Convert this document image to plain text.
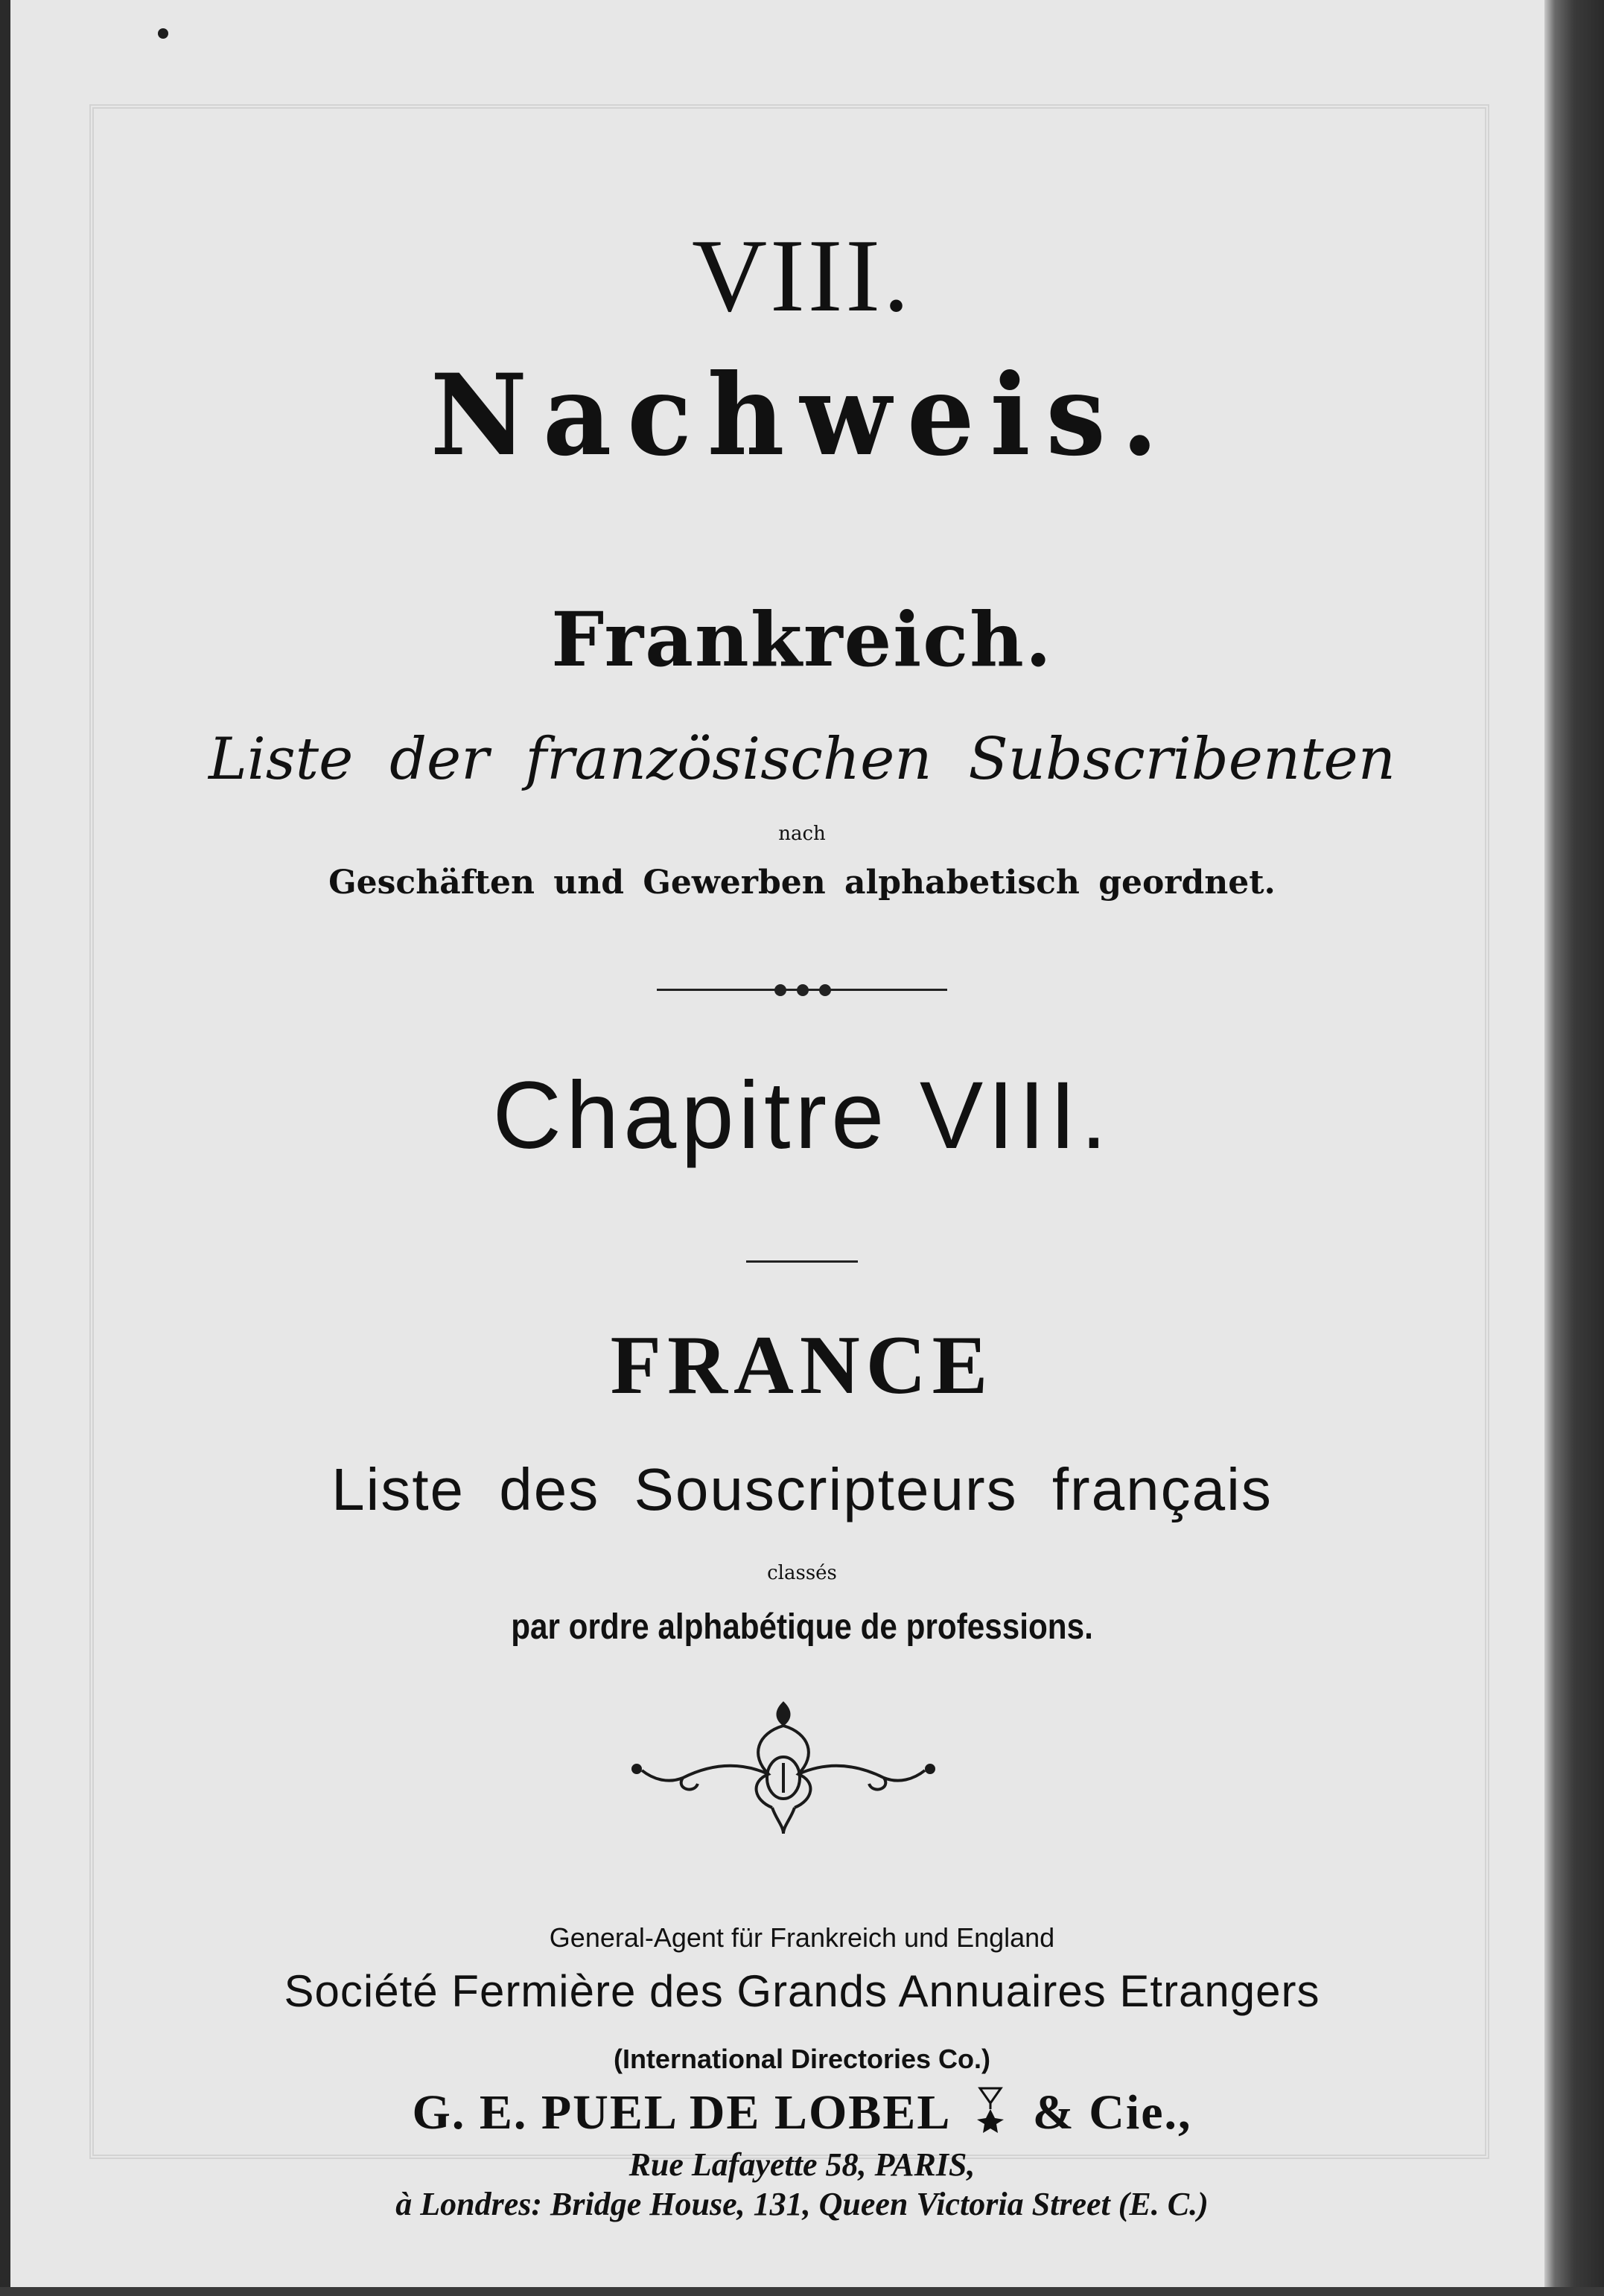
VIII.
Nachweis.
Frankreich.
Liste der französischen Subscribenten
nach
Geschäften und Gewerben alphabetisch geordnet.
Chapitre VIII.
FRANCE
Liste des Souscripteurs français
classés
par ordre alphabétique de professions.
General-Agent für Frankreich und England
Société Fermière des Grands Annuaires Etrangers
(International Directories Co.)
G. E. PUEL DE LOBEL & Cie.,
Rue Lafayette 58, PARIS,
à Londres: Bridge House, 131, Queen Victoria Street (E. C.)
